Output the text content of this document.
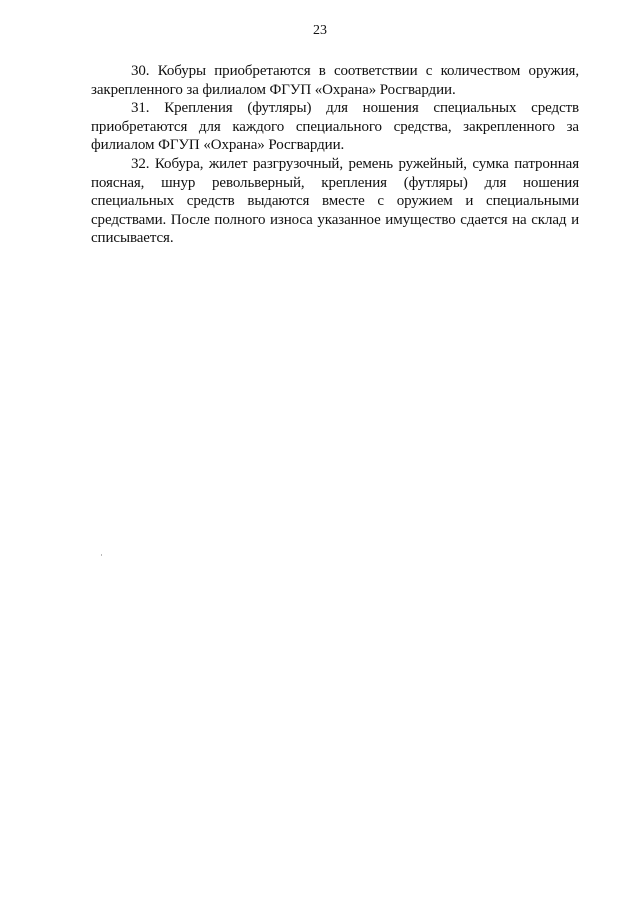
23

30. Кобуры приобретаются в соответствии с количеством оружия, закрепленного за филиалом ФГУП «Охрана» Росгвардии.

31. Крепления (футляры) для ношения специальных средств приобретаются для каждого специального средства, закрепленного за филиалом ФГУП «Охрана» Росгвардии.

32. Кобура, жилет разгрузочный, ремень ружейный, сумка патронная поясная, шнур револьверный, крепления (футляры) для ношения специальных средств выдаются вместе с оружием и специальными средствами. После полного износа указанное имущество сдается на склад и списывается.
